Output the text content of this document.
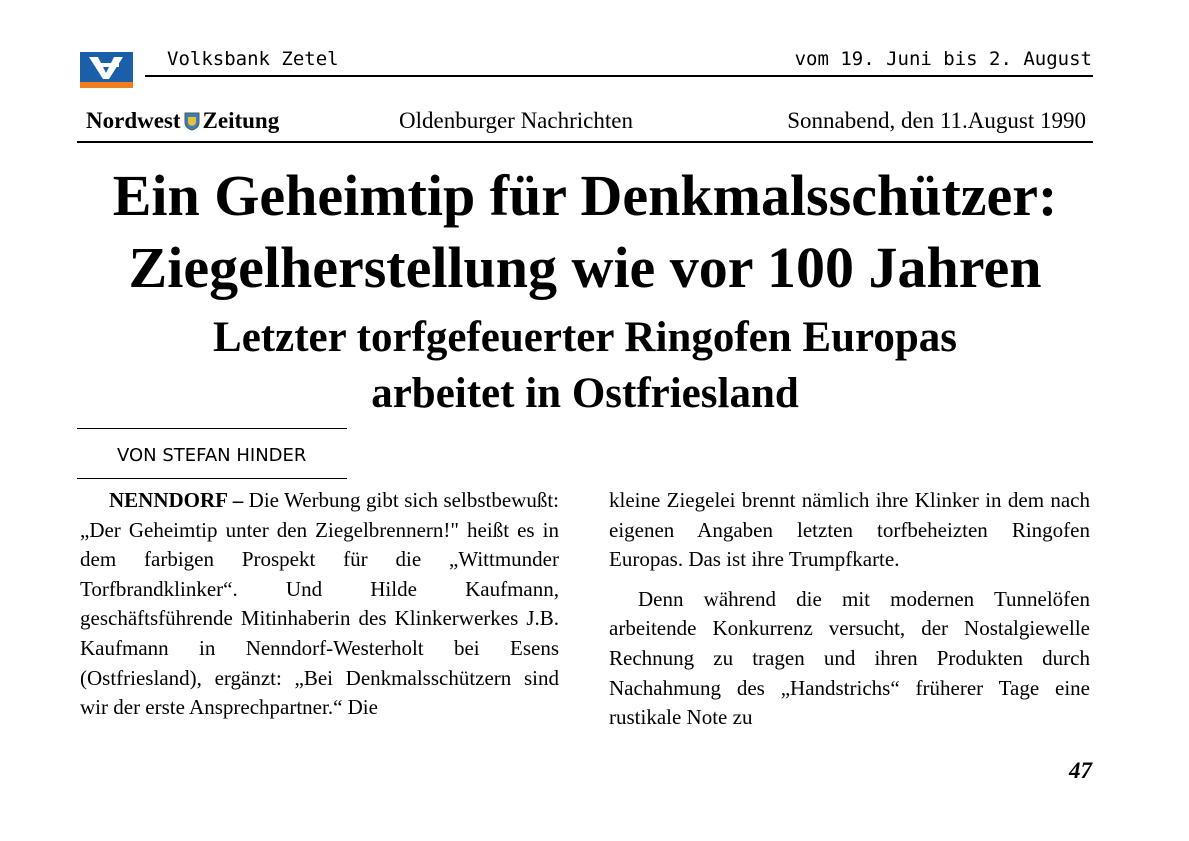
Volksbank Zetel	vom 19. Juni bis 2. August
Nordwest Zeitung	Oldenburger Nachrichten	Sonnabend, den 11.August 1990
Ein Geheimtip für Denkmalsschützer:
Ziegelherstellung wie vor 100 Jahren
Letzter torfgefeuerter Ringofen Europas
arbeitet in Ostfriesland
VON STEFAN HINDER

NENNDORF – Die Werbung gibt sich selbstbewußt: „Der Geheimtip unter den Ziegelbrennern!" heißt es in dem farbigen Prospekt für die „Wittmunder Torfbrandklinker“. Und Hilde Kaufmann, geschäftsführende Mitinhaberin des Klinkerwerkes J.B. Kaufmann in Nenndorf-Westerholt bei Esens (Ostfriesland), ergänzt: „Bei Denkmalsschützern sind wir der erste Ansprechpartner.“ Die

kleine Ziegelei brennt nämlich ihre Klinker in dem nach eigenen Angaben letzten torfbeheizten Ringofen Europas. Das ist ihre Trumpfkarte.

Denn während die mit modernen Tunnelöfen arbeitende Konkurrenz versucht, der Nostalgiewelle Rechnung zu tragen und ihren Produkten durch Nachahmung des „Handstrichs“ früherer Tage eine rustikale Note zu

47
